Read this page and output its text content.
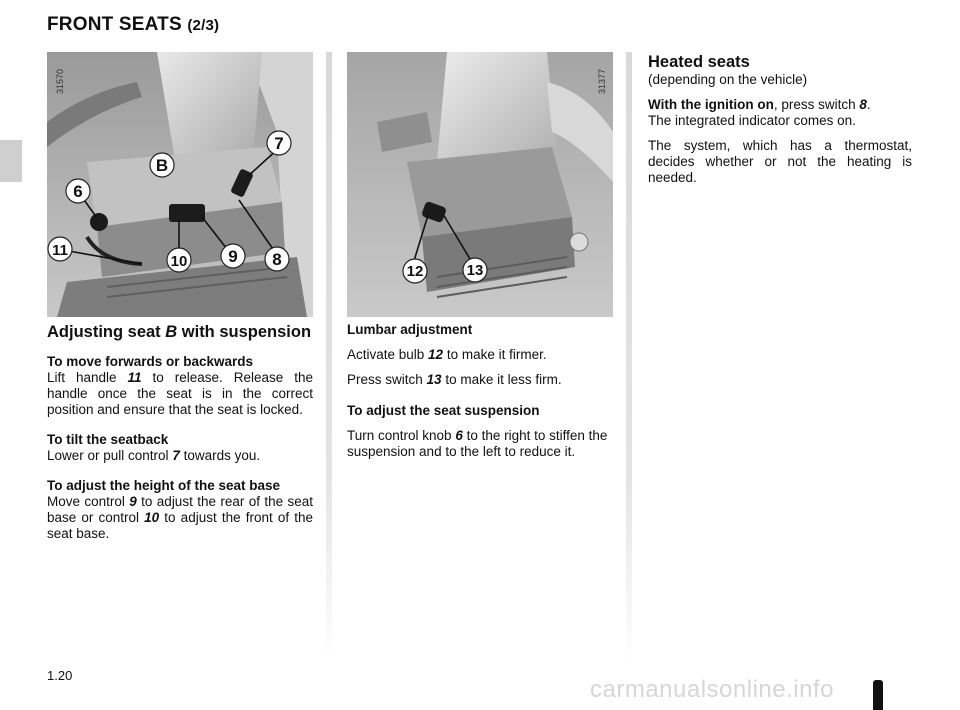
FRONT SEATS (2/3)
B
7
6
11
10 9 8
31570
12	13
31377

Adjusting seat B with suspension

To move forwards or backwards

Lift handle 11 to release. Release the handle once the seat is in the correct position and ensure that the seat is locked.

To tilt the seatback

Lower or pull control 7 towards you.

To adjust the height of the seat base

Move control 9 to adjust the rear of the seat base or control 10 to adjust the front of the seat base.

Lumbar adjustment

Activate bulb 12 to make it firmer.

Press switch 13 to make it less firm.

To adjust the seat suspension

Turn control knob 6 to the right to stiffen the suspension and to the left to reduce it.

Heated seats

(depending on the vehicle)

With the ignition on, press switch 8.

The integrated indicator comes on.

The system, which has a thermostat, decides whether or not the heating is needed.

1.20
carmanualsonline.info
